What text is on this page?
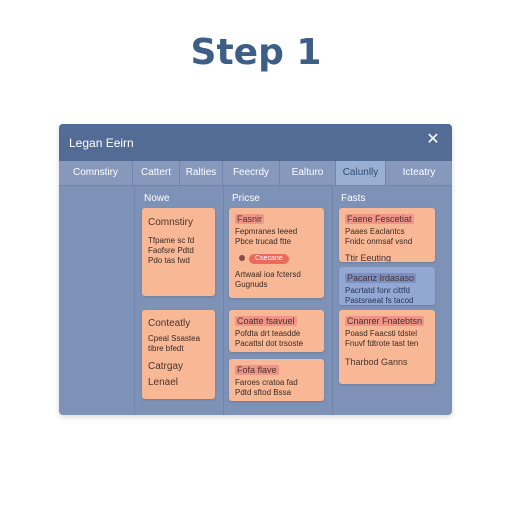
Step 1
Legan Eeirn	✕
Comnstiry	Cattert	Ralties	Feecrdy	Ealturo	Calunlly	Icteatry
Nowe
Comnstiry
Tfpame sc fd
Faofsre Pdtd
Pdo tas fwd
Conteatly
Cpeal Ssastea
tibre bfedt
Catrgay
Lenael
Pricse
Fasnir
Fepmranes leeed
Pbce trucad ftte
Csecane
Artwaal ioa fctersd
Gugnuds
Coatte fsavuel
Pofdta drt teasdde
Pacattsl dot trsoste
Fofa flave
Faroes cratoa fad
Pdtd sftod Bssa
Fasts
Faene Fescetiat
Paaes Eaclantcs
Fnidc onmsaf vsnd
Ttir Eeuting
Pacariz Irdasaso
Pacrtatd fonr cittfd
Pastsraeat fs tacod
Cnanrer Fnatebtsn
Poasd Faacsti tdstel
Fnuvf fdtrote tast ten
Tharbod Ganns
